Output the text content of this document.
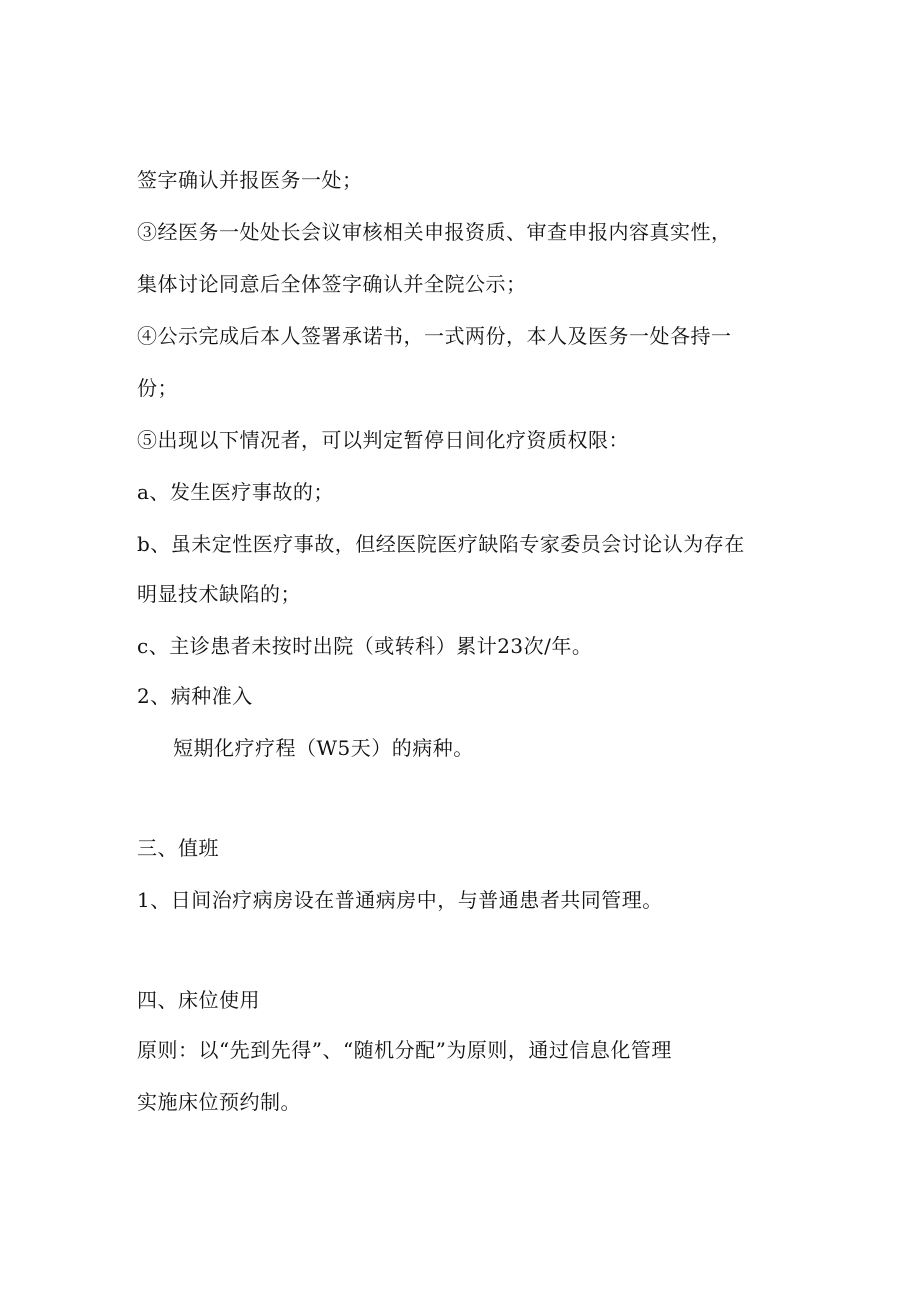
签字确认并报医务一处；
③经医务一处处长会议审核相关申报资质、审查申报内容真实性，
集体讨论同意后全体签字确认并全院公示；
④公示完成后本人签署承诺书，一式两份，本人及医务一处各持一
份；
⑤出现以下情况者，可以判定暂停日间化疗资质权限：
a、发生医疗事故的；
b、虽未定性医疗事故，但经医院医疗缺陷专家委员会讨论认为存在
明显技术缺陷的；
c、主诊患者未按时出院（或转科）累计23次/年。
2、病种准入
短期化疗疗程（W5天）的病种。
三、值班
1、日间治疗病房设在普通病房中，与普通患者共同管理。
四、床位使用
原则：以“先到先得”、“随机分配”为原则，通过信息化管理
实施床位预约制。
